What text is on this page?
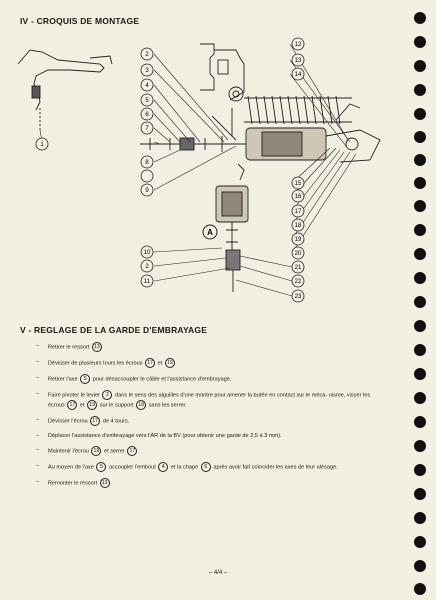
IV - CROQUIS DE MONTAGE
1
2
3
4
5
6
7
8
9
10
2
11
12
13
14
15
16
17
18
19
20
21
22
23
A
V - REGLAGE DE LA GARDE D'EMBRAYAGE
– Retirer le ressort 13
– Dévisser de plusieurs tours les écrous 17 et 19
– Retirer l'axe 5 pour désaccoupler le câble et l'assistance d'embrayage.
– Faire pivoter le levier 2 dans le sens des aiguilles d'une montre pour amener la butée en contact sur le méca- nisme, visser les écrous 17 et 19 sur le support 18 sans les serrer.
– Dévisser l'écrou 17 de 4 tours.
– Déplacer l'assistance d'embrayage vers l'AR de la BV (pour obtenir une garde de 2,5 à 3 mm).
– Maintenir l'écrou 19 et serrer 17
– Au moyen de l'axe 5 accoupler l'embout 4 et la chape 6 après avoir fait coïncider les axes de leur alésage.
– Remonter le ressort 13
– 4/4 –
